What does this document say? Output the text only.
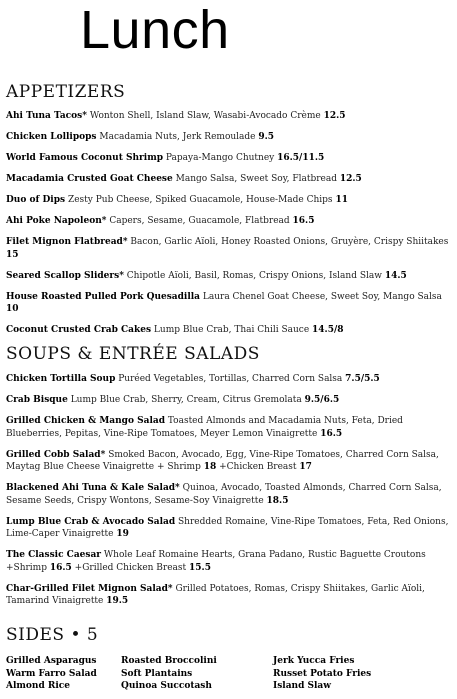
Lunch
APPETIZERS
Ahi Tuna Tacos* Wonton Shell, Island Slaw, Wasabi-Avocado Crème 12.5
Chicken Lollipops Macadamia Nuts, Jerk Remoulade 9.5
World Famous Coconut Shrimp Papaya-Mango Chutney 16.5/11.5
Macadamia Crusted Goat Cheese Mango Salsa, Sweet Soy, Flatbread 12.5
Duo of Dips Zesty Pub Cheese, Spiked Guacamole, House-Made Chips 11
Ahi Poke Napoleon* Capers, Sesame, Guacamole, Flatbread 16.5
Filet Mignon Flatbread* Bacon, Garlic Aïoli, Honey Roasted Onions, Gruyère, Crispy Shiitakes 15
Seared Scallop Sliders* Chipotle Aïoli, Basil, Romas, Crispy Onions, Island Slaw 14.5
House Roasted Pulled Pork Quesadilla Laura Chenel Goat Cheese, Sweet Soy, Mango Salsa 10
Coconut Crusted Crab Cakes Lump Blue Crab, Thai Chili Sauce 14.5/8
SOUPS & ENTRÉE SALADS
Chicken Tortilla Soup Puréed Vegetables, Tortillas, Charred Corn Salsa 7.5/5.5
Crab Bisque Lump Blue Crab, Sherry, Cream, Citrus Gremolata 9.5/6.5
Grilled Chicken & Mango Salad Toasted Almonds and Macadamia Nuts, Feta, Dried Blueberries, Pepitas, Vine-Ripe Tomatoes, Meyer Lemon Vinaigrette 16.5
Grilled Cobb Salad* Smoked Bacon, Avocado, Egg, Vine-Ripe Tomatoes, Charred Corn Salsa, Maytag Blue Cheese Vinaigrette + Shrimp 18 +Chicken Breast 17
Blackened Ahi Tuna & Kale Salad* Quinoa, Avocado, Toasted Almonds, Charred Corn Salsa, Sesame Seeds, Crispy Wontons, Sesame-Soy Vinaigrette 18.5
Lump Blue Crab & Avocado Salad Shredded Romaine, Vine-Ripe Tomatoes, Feta, Red Onions, Lime-Caper Vinaigrette 19
The Classic Caesar Whole Leaf Romaine Hearts, Grana Padano, Rustic Baguette Croutons +Shrimp 16.5 +Grilled Chicken Breast 15.5
Char-Grilled Filet Mignon Salad* Grilled Potatoes, Romas, Crispy Shiitakes, Garlic Aïoli, Tamarind Vinaigrette 19.5
SIDES • 5
Grilled Asparagus
Warm Farro Salad
Almond Rice
Roasted Broccolini
Soft Plantains
Quinoa Succotash
Jerk Yucca Fries
Russet Potato Fries
Island Slaw
